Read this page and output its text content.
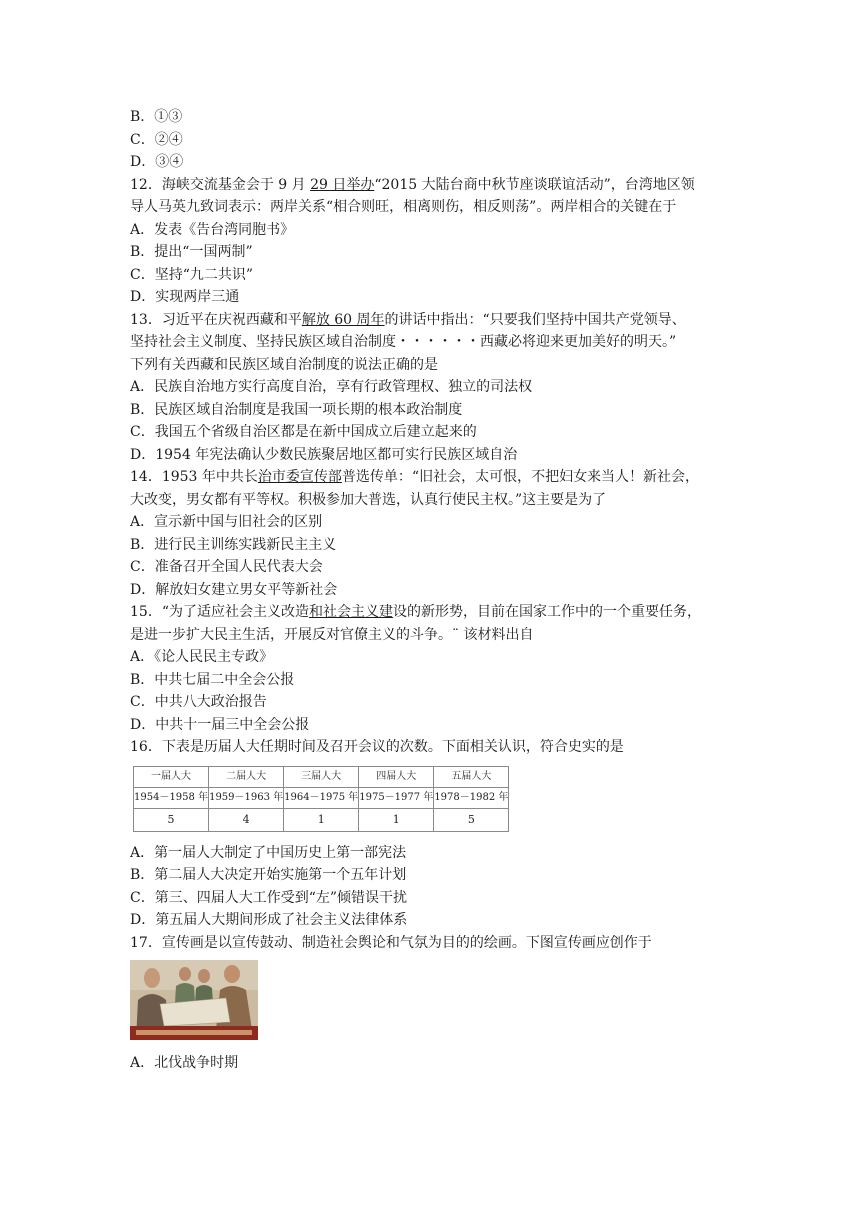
B．①③
C．②④
D．③④
12．海峡交流基金会于 9 月 29 日举办“2015 大陆台商中秋节座谈联谊活动”，台湾地区领
导人马英九致词表示：两岸关系“相合则旺，相离则伤，相反则荡”。两岸相合的关键在于
A．发表《告台湾同胞书》
B．提出“一国两制”
C．坚持“九二共识”
D．实现两岸三通
13．习近平在庆祝西藏和平解放 60 周年的讲话中指出：“只要我们坚持中国共产党领导、
坚持社会主义制度、坚持民族区域自治制度・・・・・・西藏必将迎来更加美好的明天。”
下列有关西藏和民族区域自治制度的说法正确的是
A．民族自治地方实行高度自治，享有行政管理权、独立的司法权
B．民族区域自治制度是我国一项长期的根本政治制度
C．我国五个省级自治区都是在新中国成立后建立起来的
D．1954 年宪法确认少数民族聚居地区都可实行民族区域自治
14．1953 年中共长治市委宣传部普选传单：“旧社会，太可恨，不把妇女来当人！新社会，
大改变，男女都有平等权。积极参加大普选，认真行使民主权。”这主要是为了
A．宣示新中国与旧社会的区别
B．进行民主训练实践新民主主义
C．准备召开全国人民代表大会
D．解放妇女建立男女平等新社会
15．“为了适应社会主义改造和社会主义建设的新形势，目前在国家工作中的一个重要任务，
是进一步扩大民主生活，开展反对官僚主义的斗争。¨ 该材料出自
A．《论人民民主专政》
B．中共七届二中全会公报
C．中共八大政治报告
D．中共十一届三中全会公报
16．下表是历届人大任期时间及召开会议的次数。下面相关认识，符合史实的是
一届人大	二届人大	三届人大	四届人大	五届人大
1954－1958 年	1959－1963 年	1964－1975 年	1975－1977 年	1978－1982 年
5	4	1	1	5
A．第一届人大制定了中国历史上第一部宪法
B．第二届人大决定开始实施第一个五年计划
C．第三、四届人大工作受到“左”倾错误干扰
D．第五届人大期间形成了社会主义法律体系
17．宣传画是以宣传鼓动、制造社会舆论和气氛为目的的绘画。下图宣传画应创作于
A．北伐战争时期
